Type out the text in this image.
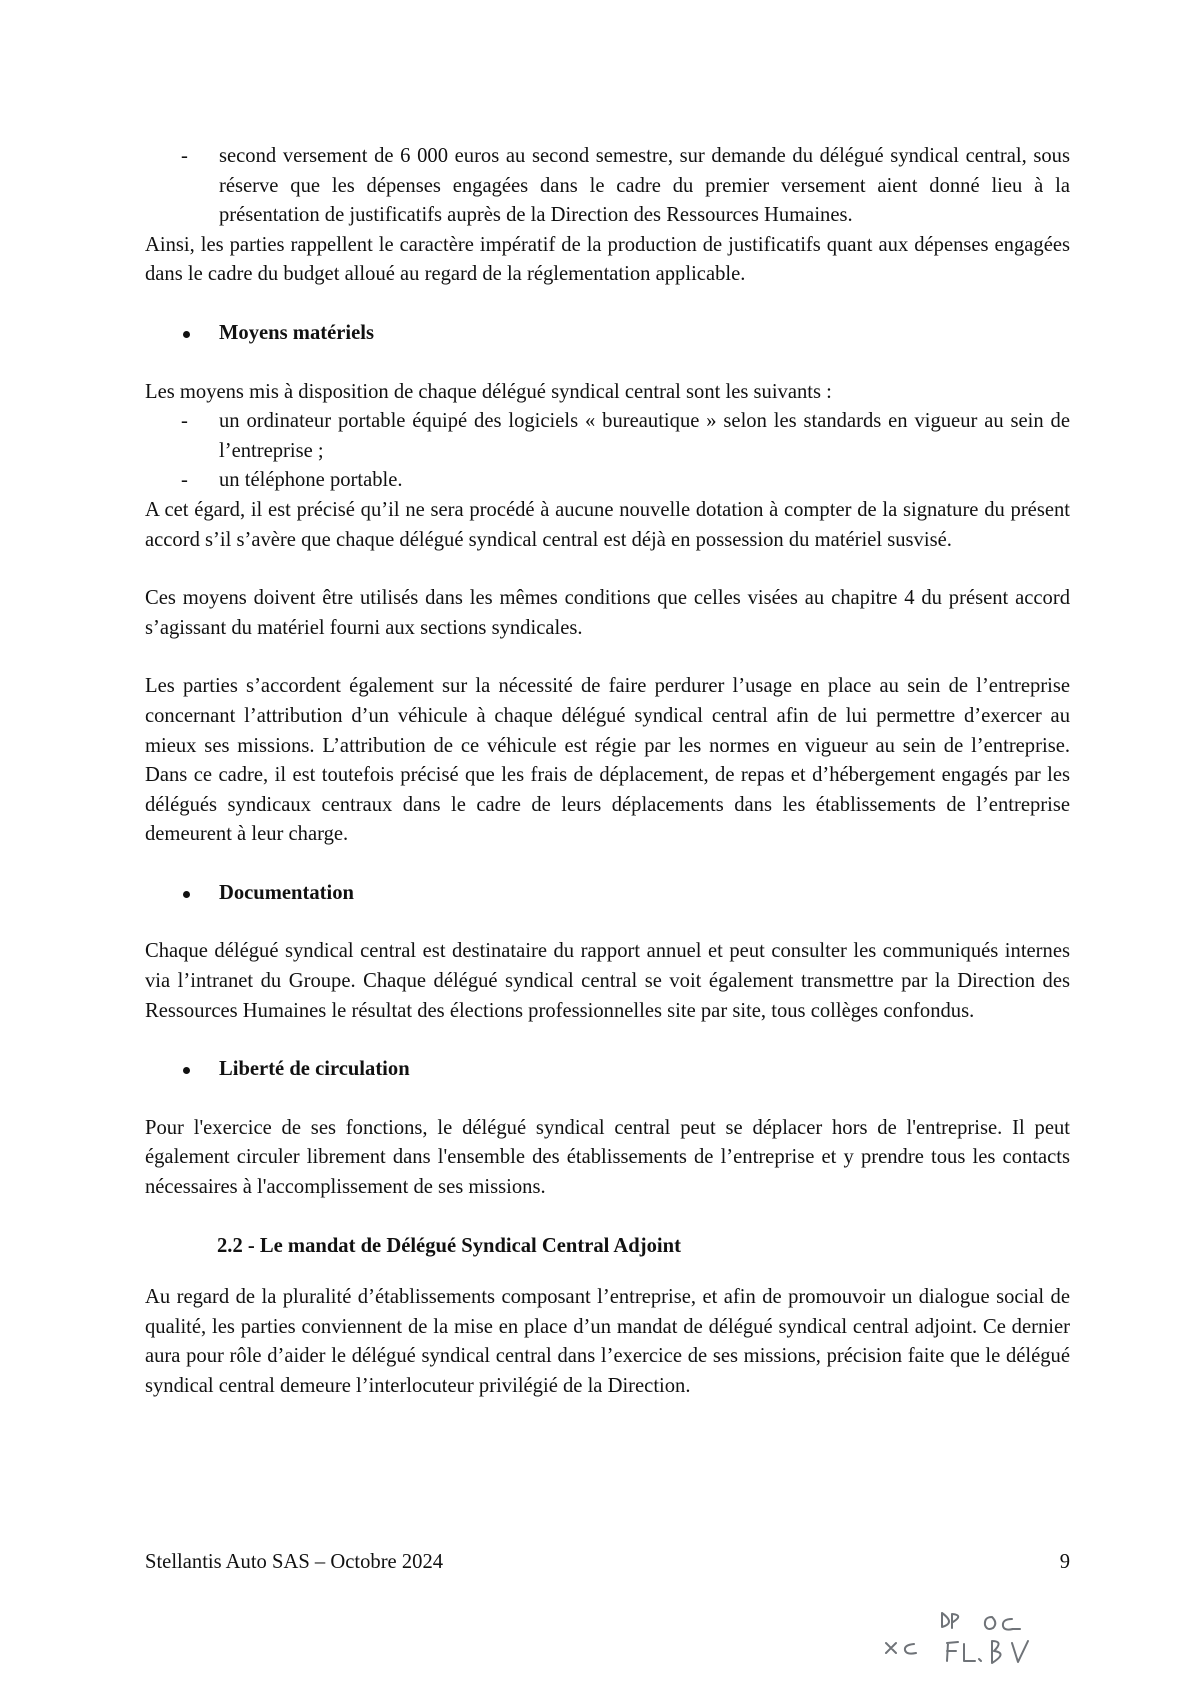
- second versement de 6 000 euros au second semestre, sur demande du délégué syndical central, sous réserve que les dépenses engagées dans le cadre du premier versement aient donné lieu à la présentation de justificatifs auprès de la Direction des Ressources Humaines.

Ainsi, les parties rappellent le caractère impératif de la production de justificatifs quant aux dépenses engagées dans le cadre du budget alloué au regard de la réglementation applicable.

Moyens matériels

Les moyens mis à disposition de chaque délégué syndical central sont les suivants :

- un ordinateur portable équipé des logiciels « bureautique » selon les standards en vigueur au sein de l’entreprise ;
- un téléphone portable.

A cet égard, il est précisé qu’il ne sera procédé à aucune nouvelle dotation à compter de la signature du présent accord s’il s’avère que chaque délégué syndical central est déjà en possession du matériel susvisé.

Ces moyens doivent être utilisés dans les mêmes conditions que celles visées au chapitre 4 du présent accord s’agissant du matériel fourni aux sections syndicales.

Les parties s’accordent également sur la nécessité de faire perdurer l’usage en place au sein de l’entreprise concernant l’attribution d’un véhicule à chaque délégué syndical central afin de lui permettre d’exercer au mieux ses missions. L’attribution de ce véhicule est régie par les normes en vigueur au sein de l’entreprise. Dans ce cadre, il est toutefois précisé que les frais de déplacement, de repas et d’hébergement engagés par les délégués syndicaux centraux dans le cadre de leurs déplacements dans les établissements de l’entreprise demeurent à leur charge.

Documentation

Chaque délégué syndical central est destinataire du rapport annuel et peut consulter les communiqués internes via l’intranet du Groupe. Chaque délégué syndical central se voit également transmettre par la Direction des Ressources Humaines le résultat des élections professionnelles site par site, tous collèges confondus.

Liberté de circulation

Pour l'exercice de ses fonctions, le délégué syndical central peut se déplacer hors de l'entreprise. Il peut également circuler librement dans l'ensemble des établissements de l’entreprise et y prendre tous les contacts nécessaires à l'accomplissement de ses missions.

2.2 - Le mandat de Délégué Syndical Central Adjoint

Au regard de la pluralité d’établissements composant l’entreprise, et afin de promouvoir un dialogue social de qualité, les parties conviennent de la mise en place d’un mandat de délégué syndical central adjoint. Ce dernier aura pour rôle d’aider le délégué syndical central dans l’exercice de ses missions, précision faite que le délégué syndical central demeure l’interlocuteur privilégié de la Direction.

Stellantis Auto SAS – Octobre 2024	9
